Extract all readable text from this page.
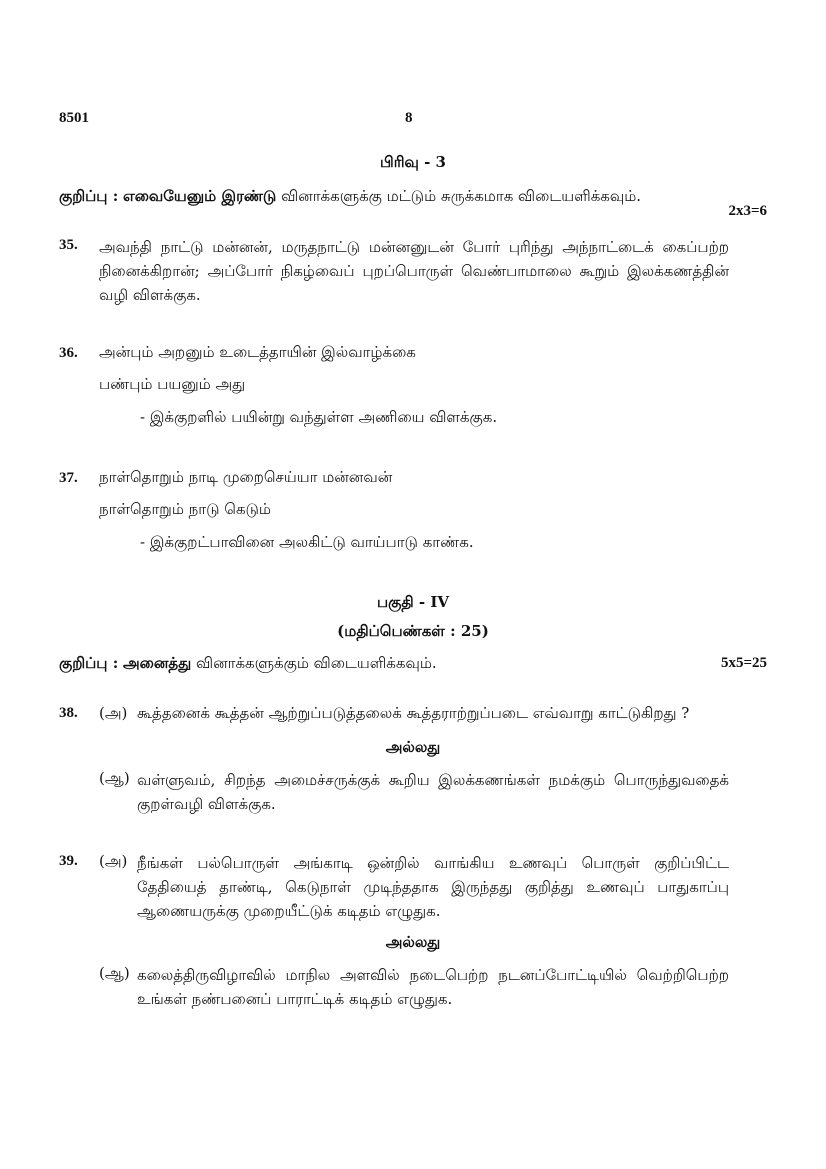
8501	8
பிரிவு - 3
குறிப்பு : எவையேனும் இரண்டு வினாக்களுக்கு மட்டும் சுருக்கமாக விடையளிக்கவும்.
2x3=6
35. அவந்தி நாட்டு மன்னன், மருதநாட்டு மன்னனுடன் போர் புரிந்து அந்நாட்டைக் கைப்பற்ற நினைக்கிறான்; அப்போர் நிகழ்வைப் புறப்பொருள் வெண்பாமாலை கூறும் இலக்கணத்தின் வழி விளக்குக.
36. அன்பும் அறனும் உடைத்தாயின் இல்வாழ்க்கை
பண்பும் பயனும் அது
- இக்குறளில் பயின்று வந்துள்ள அணியை விளக்குக.
37. நாள்தொறும் நாடி முறைசெய்யா மன்னவன்
நாள்தொறும் நாடு கெடும்
- இக்குறட்பாவினை அலகிட்டு வாய்பாடு காண்க.
பகுதி - IV
(மதிப்பெண்கள் : 25)
குறிப்பு : அனைத்து வினாக்களுக்கும் விடையளிக்கவும்.	5x5=25
38. (அ) கூத்தனைக் கூத்தன் ஆற்றுப்படுத்தலைக் கூத்தராற்றுப்படை எவ்வாறு காட்டுகிறது ?
அல்லது
(ஆ) வள்ளுவம், சிறந்த அமைச்சருக்குக் கூறிய இலக்கணங்கள் நமக்கும் பொருந்துவதைக் குறள்வழி விளக்குக.
39. (அ) நீங்கள் பல்பொருள் அங்காடி ஒன்றில் வாங்கிய உணவுப் பொருள் குறிப்பிட்ட தேதியைத் தாண்டி, கெடுநாள் முடிந்ததாக இருந்தது குறித்து உணவுப் பாதுகாப்பு ஆணையருக்கு முறையீட்டுக் கடிதம் எழுதுக.
அல்லது
(ஆ) கலைத்திருவிழாவில் மாநில அளவில் நடைபெற்ற நடனப்போட்டியில் வெற்றிபெற்ற உங்கள் நண்பனைப் பாராட்டிக் கடிதம் எழுதுக.
